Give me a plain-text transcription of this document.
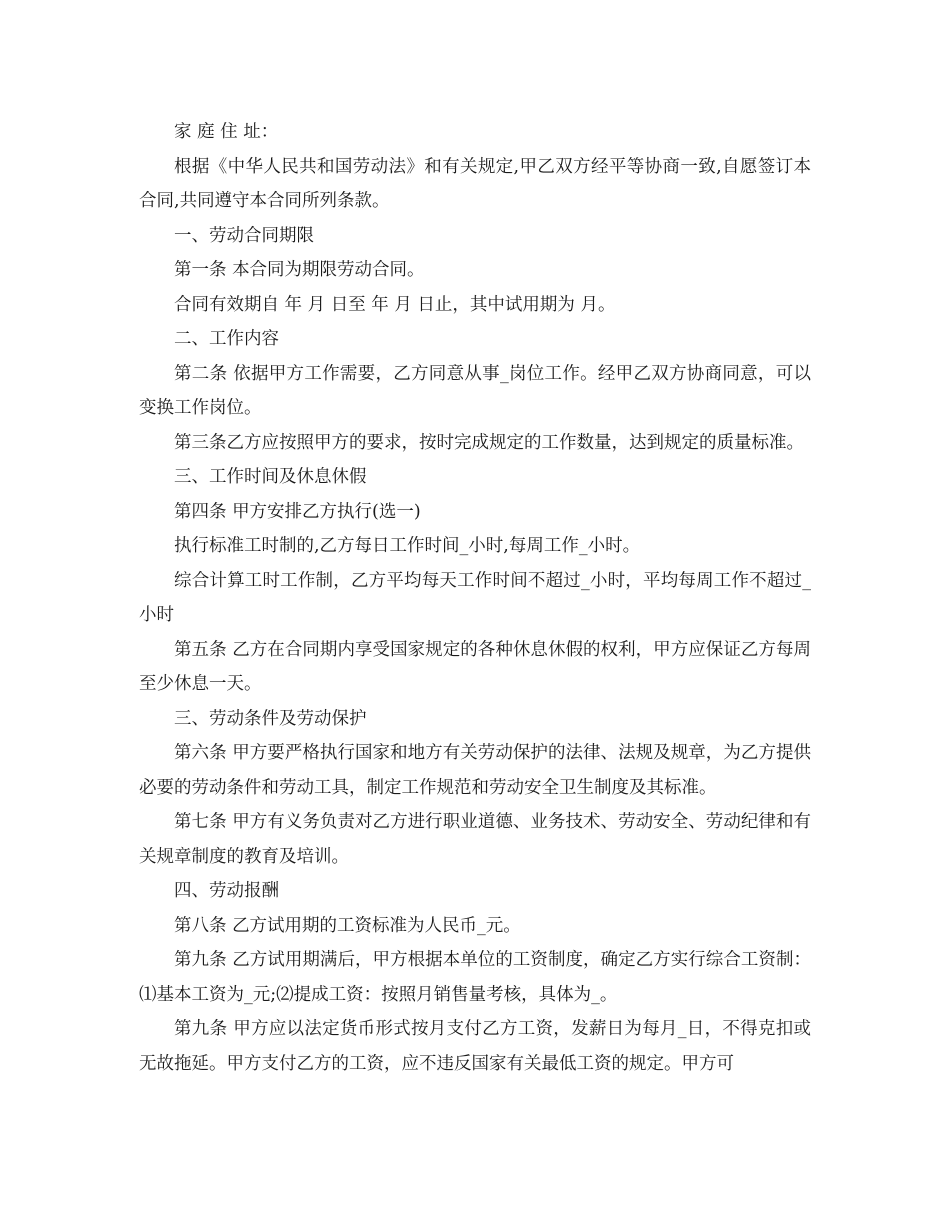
家 庭 住 址：

根据《中华人民共和国劳动法》和有关规定,甲乙双方经平等协商一致,自愿签订本合同,共同遵守本合同所列条款。

一、劳动合同期限

第一条 本合同为期限劳动合同。

合同有效期自 年 月 日至 年 月 日止，其中试用期为 月。

二、工作内容

第二条 依据甲方工作需要，乙方同意从事_岗位工作。经甲乙双方协商同意，可以变换工作岗位。

第三条乙方应按照甲方的要求，按时完成规定的工作数量，达到规定的质量标准。

三、工作时间及休息休假

第四条 甲方安排乙方执行(选一)

执行标准工时制的,乙方每日工作时间_小时,每周工作_小时。

综合计算工时工作制，乙方平均每天工作时间不超过_小时，平均每周工作不超过_小时

第五条 乙方在合同期内享受国家规定的各种休息休假的权利，甲方应保证乙方每周至少休息一天。

三、劳动条件及劳动保护

第六条 甲方要严格执行国家和地方有关劳动保护的法律、法规及规章，为乙方提供必要的劳动条件和劳动工具，制定工作规范和劳动安全卫生制度及其标准。

第七条 甲方有义务负责对乙方进行职业道德、业务技术、劳动安全、劳动纪律和有关规章制度的教育及培训。

四、劳动报酬

第八条 乙方试用期的工资标准为人民币_元。

第九条 乙方试用期满后，甲方根据本单位的工资制度，确定乙方实行综合工资制：⑴基本工资为_元;⑵提成工资：按照月销售量考核，具体为_。

第九条 甲方应以法定货币形式按月支付乙方工资，发薪日为每月_日，不得克扣或无故拖延。甲方支付乙方的工资，应不违反国家有关最低工资的规定。甲方可
